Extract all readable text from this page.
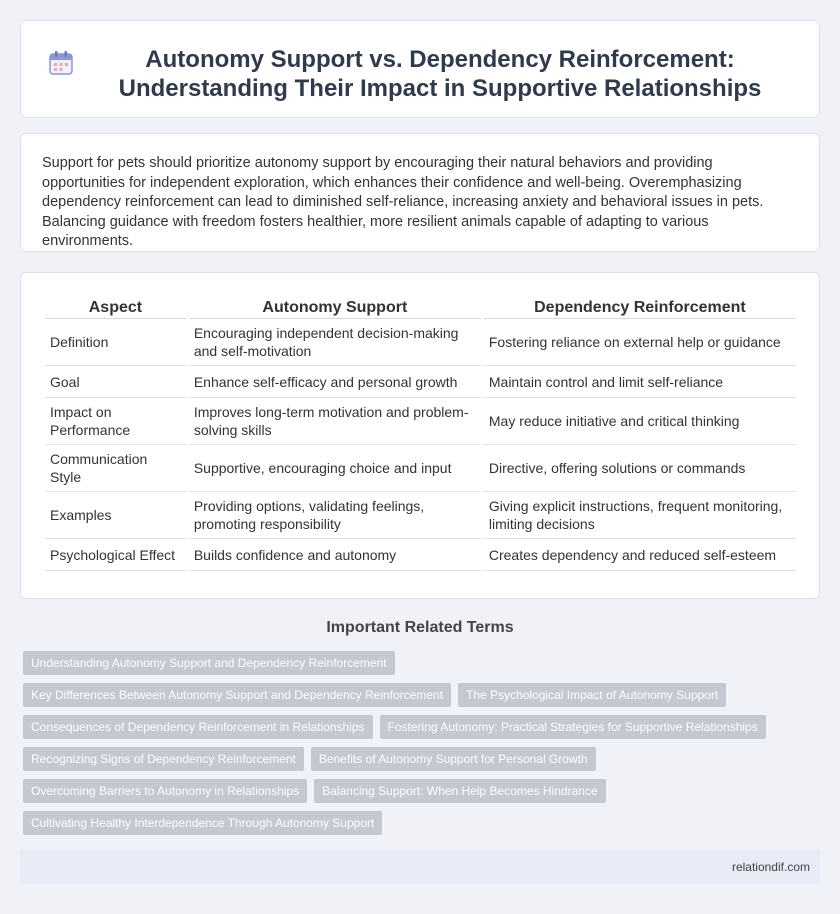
Autonomy Support vs. Dependency Reinforcement: Understanding Their Impact in Supportive Relationships

Support for pets should prioritize autonomy support by encouraging their natural behaviors and providing opportunities for independent exploration, which enhances their confidence and well-being. Overemphasizing dependency reinforcement can lead to diminished self-reliance, increasing anxiety and behavioral issues in pets. Balancing guidance with freedom fosters healthier, more resilient animals capable of adapting to various environments.

Aspect	Autonomy Support	Dependency Reinforcement
Definition	Encouraging independent decision-making and self-motivation	Fostering reliance on external help or guidance
Goal	Enhance self-efficacy and personal growth	Maintain control and limit self-reliance
Impact on Performance	Improves long-term motivation and problem-solving skills	May reduce initiative and critical thinking
Communication Style	Supportive, encouraging choice and input	Directive, offering solutions or commands
Examples	Providing options, validating feelings, promoting responsibility	Giving explicit instructions, frequent monitoring, limiting decisions
Psychological Effect	Builds confidence and autonomy	Creates dependency and reduced self-esteem
Important Related Terms
Understanding Autonomy Support and Dependency Reinforcement
Key Differences Between Autonomy Support and Dependency Reinforcement	The Psychological Impact of Autonomy Support
Consequences of Dependency Reinforcement in Relationships	Fostering Autonomy: Practical Strategies for Supportive Relationships
Recognizing Signs of Dependency Reinforcement	Benefits of Autonomy Support for Personal Growth
Overcoming Barriers to Autonomy in Relationships	Balancing Support: When Help Becomes Hindrance
Cultivating Healthy Interdependence Through Autonomy Support
relationdif.com
